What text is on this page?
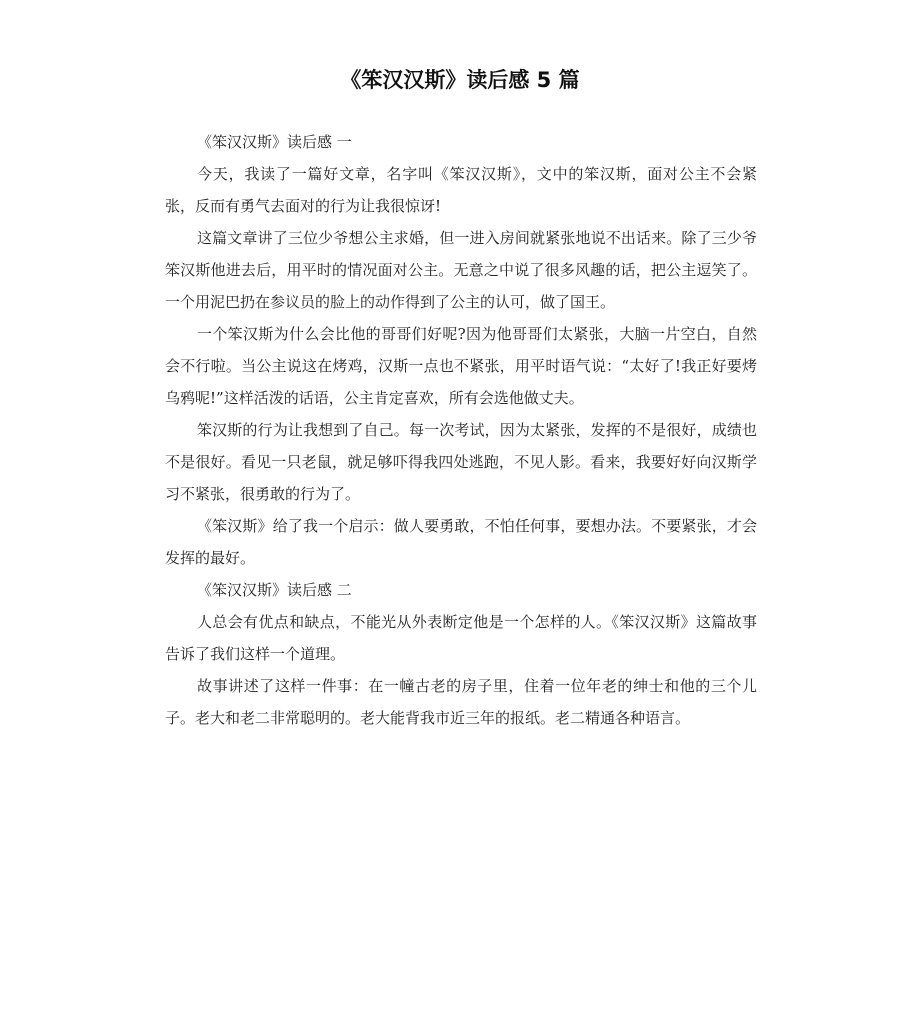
《笨汉汉斯》读后感 5 篇

《笨汉汉斯》读后感 一

今天，我读了一篇好文章，名字叫《笨汉汉斯》，文中的笨汉斯，面对公主不会紧张，反而有勇气去面对的行为让我很惊讶!

这篇文章讲了三位少爷想公主求婚，但一进入房间就紧张地说不出话来。除了三少爷笨汉斯他进去后，用平时的情况面对公主。无意之中说了很多风趣的话，把公主逗笑了。一个用泥巴扔在参议员的脸上的动作得到了公主的认可，做了国王。

一个笨汉斯为什么会比他的哥哥们好呢?因为他哥哥们太紧张，大脑一片空白，自然会不行啦。当公主说这在烤鸡，汉斯一点也不紧张，用平时语气说：“太好了!我正好要烤乌鸦呢!”这样活泼的话语，公主肯定喜欢，所有会选他做丈夫。

笨汉斯的行为让我想到了自己。每一次考试，因为太紧张，发挥的不是很好，成绩也不是很好。看见一只老鼠，就足够吓得我四处逃跑，不见人影。看来，我要好好向汉斯学习不紧张，很勇敢的行为了。

《笨汉斯》给了我一个启示：做人要勇敢，不怕任何事，要想办法。不要紧张，才会发挥的最好。

《笨汉汉斯》读后感 二

人总会有优点和缺点，不能光从外表断定他是一个怎样的人。《笨汉汉斯》这篇故事告诉了我们这样一个道理。

故事讲述了这样一件事：在一幢古老的房子里，住着一位年老的绅士和他的三个儿子。老大和老二非常聪明的。老大能背我市近三年的报纸。老二精通各种语言。
